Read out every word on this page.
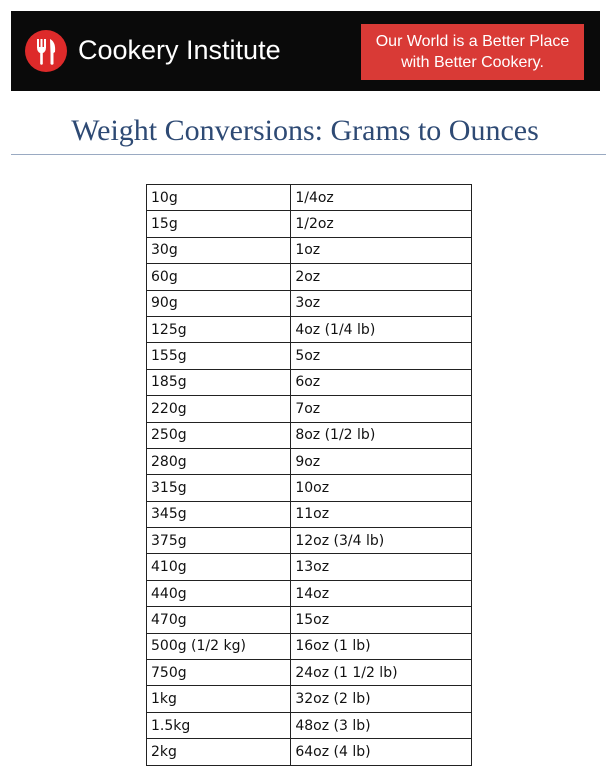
Cookery Institute	Our World is a Better Place
with Better Cookery.
Weight Conversions: Grams to Ounces
10g	1/4oz
15g	1/2oz
30g	1oz
60g	2oz
90g	3oz
125g	4oz (1/4 lb)
155g	5oz
185g	6oz
220g	7oz
250g	8oz (1/2 lb)
280g	9oz
315g	10oz
345g	11oz
375g	12oz (3/4 lb)
410g	13oz
440g	14oz
470g	15oz
500g (1/2 kg)	16oz (1 lb)
750g	24oz (1 1/2 lb)
1kg	32oz (2 lb)
1.5kg	48oz (3 lb)
2kg	64oz (4 lb)
